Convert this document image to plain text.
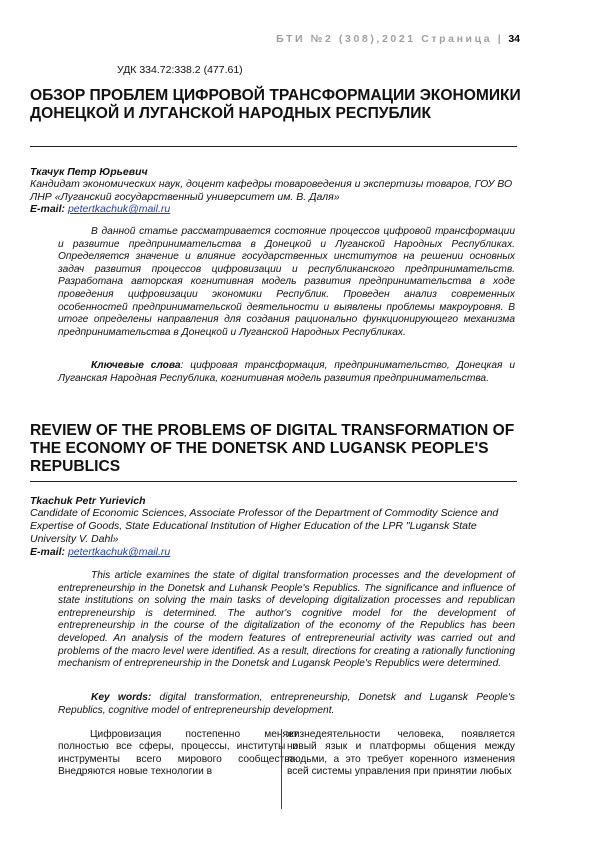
БТИ №2 (308),2021 Страница | 34
УДК 334.72:338.2 (477.61)
ОБЗОР ПРОБЛЕМ ЦИФРОВОЙ ТРАНСФОРМАЦИИ ЭКОНОМИКИ ДОНЕЦКОЙ И ЛУГАНСКОЙ НАРОДНЫХ РЕСПУБЛИК
Ткачук Петр Юрьевич
Кандидат экономических наук, доцент кафедры товароведения и экспертизы товаров, ГОУ ВО ЛНР «Луганский государственный университет им. В. Даля»
E-mail: petertkachuk@mail.ru
В данной статье рассматривается состояние процессов цифровой трансформации и развитие предпринимательства в Донецкой и Луганской Народных Республиках. Определяется значение и влияние государственных институтов на решении основных задач развития процессов цифровизации и республиканского предпринимательств. Разработана авторская когнитивная модель развития предпринимательства в ходе проведения цифровизации экономики Республик. Проведен анализ современных особенностей предпринимательской деятельности и выявлены проблемы макроуровня. В итоге определены направления для создания рационально функционирующего механизма предпринимательства в Донецкой и Луганской Народных Республиках.
Ключевые слова: цифровая трансформация, предпринимательство, Донецкая и Луганская Народная Республика, когнитивная модель развития предпринимательства.
REVIEW OF THE PROBLEMS OF DIGITAL TRANSFORMATION OF THE ECONOMY OF THE DONETSK AND LUGANSK PEOPLE'S REPUBLICS
Tkachuk Petr Yurievich
Candidate of Economic Sciences, Associate Professor of the Department of Commodity Science and Expertise of Goods, State Educational Institution of Higher Education of the LPR "Lugansk State University V. Dahl»
E-mail: petertkachuk@mail.ru
This article examines the state of digital transformation processes and the development of entrepreneurship in the Donetsk and Luhansk People's Republics. The significance and influence of state institutions on solving the main tasks of developing digitalization processes and republican entrepreneurship is determined. The author's cognitive model for the development of entrepreneurship in the course of the digitalization of the economy of the Republics has been developed. An analysis of the modern features of entrepreneurial activity was carried out and problems of the macro level were identified. As a result, directions for creating a rationally functioning mechanism of entrepreneurship in the Donetsk and Lugansk People's Republics were determined.
Key words: digital transformation, entrepreneurship, Donetsk and Lugansk People's Republics, cognitive model of entrepreneurship development.
Цифровизация постепенно меняет полностью все сферы, процессы, институты и инструменты всего мирового сообщества. Внедряются новые технологии в
жизнедеятельности человека, появляется новый язык и платформы общения между людьми, а это требует коренного изменения всей системы управления при принятии любых
